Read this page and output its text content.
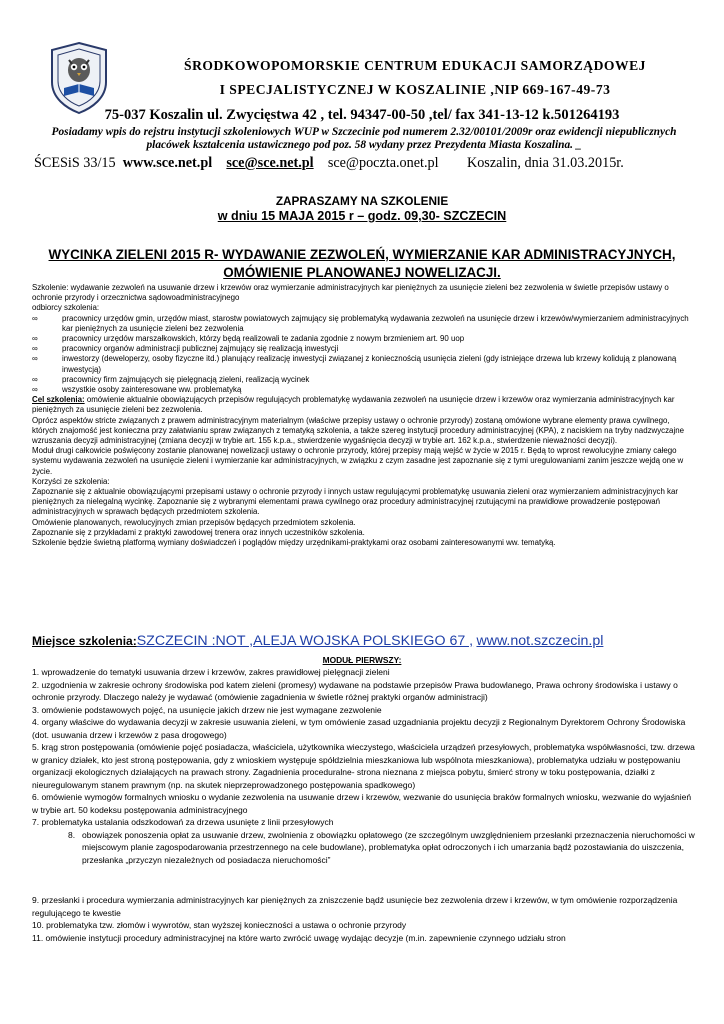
ŚRODKOWOPOMORSKIE CENTRUM EDUKACJI SAMORZĄDOWEJ
I SPECJALISTYCZNEJ W KOSZALINIE ,NIP 669-167-49-73
75-037 Koszalin ul. Zwycięstwa 42 , tel. 94347-00-50 ,tel/ fax 341-13-12 k.501264193
Posiadamy wpis do rejstru instytucji szkoleniowych WUP w Szczecinie pod numerem 2.32/00101/2009r oraz ewidencji niepublicznych placówek kształcenia ustawicznego pod poz. 58 wydany przez Prezydenta Miasta Koszalina. _
ŚCESiS 33/15 www.sce.net.pl sce@sce.net.pl sce@poczta.onet.pl Koszalin, dnia 31.03.2015r.
ZAPRASZAMY NA SZKOLENIE
w dniu 15 MAJA 2015 r – godz. 09,30- SZCZECIN
WYCINKA ZIELENI 2015 R- WYDAWANIE ZEZWOLEŃ, WYMIERZANIE KAR ADMINISTRACYJNYCH, OMÓWIENIE PLANOWANEJ NOWELIZACJI.

Szkolenie: wydawanie zezwoleń na usuwanie drzew i krzewów oraz wymierzanie administracyjnych kar pieniężnych za usunięcie zieleni bez zezwolenia w świetle przepisów ustawy o ochronie przyrody i orzecznictwa sądowoadministracyjnego

odbiorcy szkolenia:

∞	pracownicy urzędów gmin, urzędów miast, starostw powiatowych zajmujący się problematyką wydawania zezwoleń na usunięcie drzew i krzewów/wymierzaniem administracyjnych kar pieniężnych za usunięcie zieleni bez zezwolenia
∞	pracownicy urzędów marszałkowskich, którzy będą realizowali te zadania zgodnie z nowym brzmieniem art. 90 uop
∞	pracownicy organów administracji publicznej zajmujący się realizacją inwestycji
∞	inwestorzy (deweloperzy, osoby fizyczne itd.) planujący realizację inwestycji związanej z koniecznością usunięcia zieleni (gdy istniejące drzewa lub krzewy kolidują z planowaną inwestycją)
∞	pracownicy firm zajmujących się pielęgnacją zieleni, realizacją wycinek
∞	wszystkie osoby zainteresowane ww. problematyką

Cel szkolenia: omówienie aktualnie obowiązujących przepisów regulujących problematykę wydawania zezwoleń na usunięcie drzew i krzewów oraz wymierzania administracyjnych kar pieniężnych za usunięcie zieleni bez zezwolenia.

Oprócz aspektów stricte związanych z prawem administracyjnym materialnym (właściwe przepisy ustawy o ochronie przyrody) zostaną omówione wybrane elementy prawa cywilnego, których znajomość jest konieczna przy załatwianiu spraw związanych z tematyką szkolenia, a także szereg instytucji procedury administracyjnej (KPA), z naciskiem na tryby nadzwyczajne wzruszania decyzji administracyjnej (zmiana decyzji w trybie art. 155 k.p.a., stwierdzenie wygaśnięcia decyzji w trybie art. 162 k.p.a., stwierdzenie nieważności decyzji).

Moduł drugi całkowicie poświęcony zostanie planowanej nowelizacji ustawy o ochronie przyrody, której przepisy mają wejść w życie w 2015 r. Będą to wprost rewolucyjne zmiany całego systemu wydawania zezwoleń na usunięcie zieleni i wymierzanie kar administracyjnych, w związku z czym zasadne jest zapoznanie się z tymi uregulowaniami zanim jeszcze wejdą one w życie.

Korzyści ze szkolenia:

Zapoznanie się z aktualnie obowiązującymi przepisami ustawy o ochronie przyrody i innych ustaw regulującymi problematykę usuwania zieleni oraz wymierzaniem administracyjnych kar pieniężnych za nielegalną wycinkę. Zapoznanie się z wybranymi elementami prawa cywilnego oraz procedury administracyjnej rzutującymi na prawidłowe prowadzenie postępowań administracyjnych w sprawach będących przedmiotem szkolenia.

Omówienie planowanych, rewolucyjnych zmian przepisów będących przedmiotem szkolenia.

Zapoznanie się z przykładami z praktyki zawodowej trenera oraz innych uczestników szkolenia.

Szkolenie będzie świetną platformą wymiany doświadczeń i poglądów między urzędnikami-praktykami oraz osobami zainteresowanymi ww. tematyką.

Miejsce szkolenia:SZCZECIN :NOT ,ALEJA WOJSKA POLSKIEGO 67 , www.not.szczecin.pl
MODUŁ PIERWSZY:

1. wprowadzenie do tematyki usuwania drzew i krzewów, zakres prawidłowej pielęgnacji zieleni

2. uzgodnienia w zakresie ochrony środowiska pod katem zieleni (promesy) wydawane na podstawie przepisów Prawa budowlanego, Prawa ochrony środowiska i ustawy o ochronie przyrody. Dlaczego należy je wydawać (omówienie zagadnienia w świetle różnej praktyki organów administracji)

3. omówienie podstawowych pojęć, na usunięcie jakich drzew nie jest wymagane zezwolenie

4. organy właściwe do wydawania decyzji w zakresie usuwania zieleni, w tym omówienie zasad uzgadniania projektu decyzji z Regionalnym Dyrektorem Ochrony Środowiska (dot. usuwania drzew i krzewów z pasa drogowego)

5. krąg stron postępowania (omówienie pojęć posiadacza, właściciela, użytkownika wieczystego, właściciela urządzeń przesyłowych, problematyka współwłasności, tzw. drzewa w granicy działek, kto jest stroną postępowania, gdy z wnioskiem występuje spółdzielnia mieszkaniowa lub wspólnota mieszkaniowa), problematyka udziału w postępowaniu organizacji ekologicznych działających na prawach strony. Zagadnienia proceduralne- strona nieznana z miejsca pobytu, śmierć strony w toku postępowania, działki z nieuregulowanym stanem prawnym (np. na skutek nieprzeprowadzonego postępowania spadkowego)

6. omówienie wymogów formalnych wniosku o wydanie zezwolenia na usuwanie drzew i krzewów, wezwanie do usunięcia braków formalnych wniosku, wezwanie do wyjaśnień w trybie art. 50 kodeksu postępowania administracyjnego

7. problematyka ustalania odszkodowań za drzewa usunięte z linii przesyłowych

8. obowiązek ponoszenia opłat za usuwanie drzew, zwolnienia z obowiązku opłatowego (ze szczególnym uwzględnieniem przesłanki przeznaczenia nieruchomości w miejscowym planie zagospodarowania przestrzennego na cele budowlane), problematyka opłat odroczonych i ich umarzania bądź pozostawiania do uiszczenia, przesłanka „przyczyn niezależnych od posiadacza nieruchomości”

9. przesłanki i procedura wymierzania administracyjnych kar pieniężnych za zniszczenie bądź usunięcie bez zezwolenia drzew i krzewów, w tym omówienie rozporządzenia regulującego te kwestie

10. problematyka tzw. złomów i wywrotów, stan wyższej konieczności a ustawa o ochronie przyrody

11. omówienie instytucji procedury administracyjnej na które warto zwrócić uwagę wydając decyzje (m.in. zapewnienie czynnego udziału stron
